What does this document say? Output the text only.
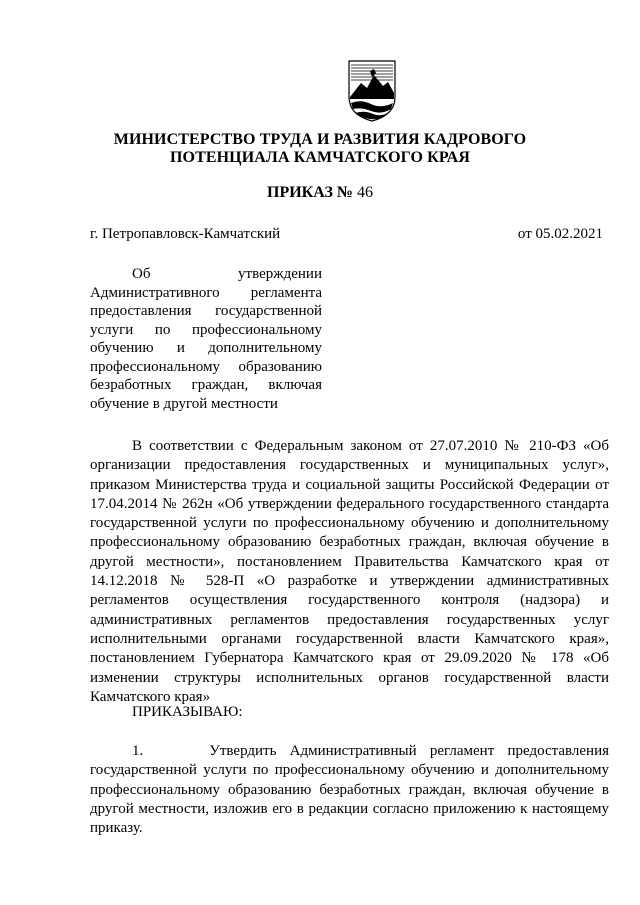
МИНИСТЕРСТВО ТРУДА И РАЗВИТИЯ КАДРОВОГО
ПОТЕНЦИАЛА КАМЧАТСКОГО КРАЯ
ПРИКАЗ № 46
г. Петропавловск-Камчатский	от 05.02.2021

Об утверждении Административного регламента предоставления государственной услуги по профессиональному обучению и дополнительному профессиональному образованию безработных граждан, включая обучение в другой местности

В соответствии с Федеральным законом от 27.07.2010 № 210-ФЗ «Об организации предоставления государственных и муниципальных услуг», приказом Министерства труда и социальной защиты Российской Федерации от 17.04.2014 № 262н «Об утверждении федерального государственного стандарта государственной услуги по профессиональному обучению и дополнительному профессиональному образованию безработных граждан, включая обучение в другой местности», постановлением Правительства Камчатского края от 14.12.2018 № 528-П «О разработке и утверждении административных регламентов осуществления государственного контроля (надзора) и административных регламентов предоставления государственных услуг исполнительными органами государственной власти Камчатского края», постановлением Губернатора Камчатского края от 29.09.2020 № 178 «Об изменении структуры исполнительных органов государственной власти Камчатского края»

ПРИКАЗЫВАЮ:

1.     Утвердить Административный регламент предоставления государственной услуги по профессиональному обучению и дополнительному профессиональному образованию безработных граждан, включая обучение в другой местности, изложив его в редакции согласно приложению к настоящему приказу.
